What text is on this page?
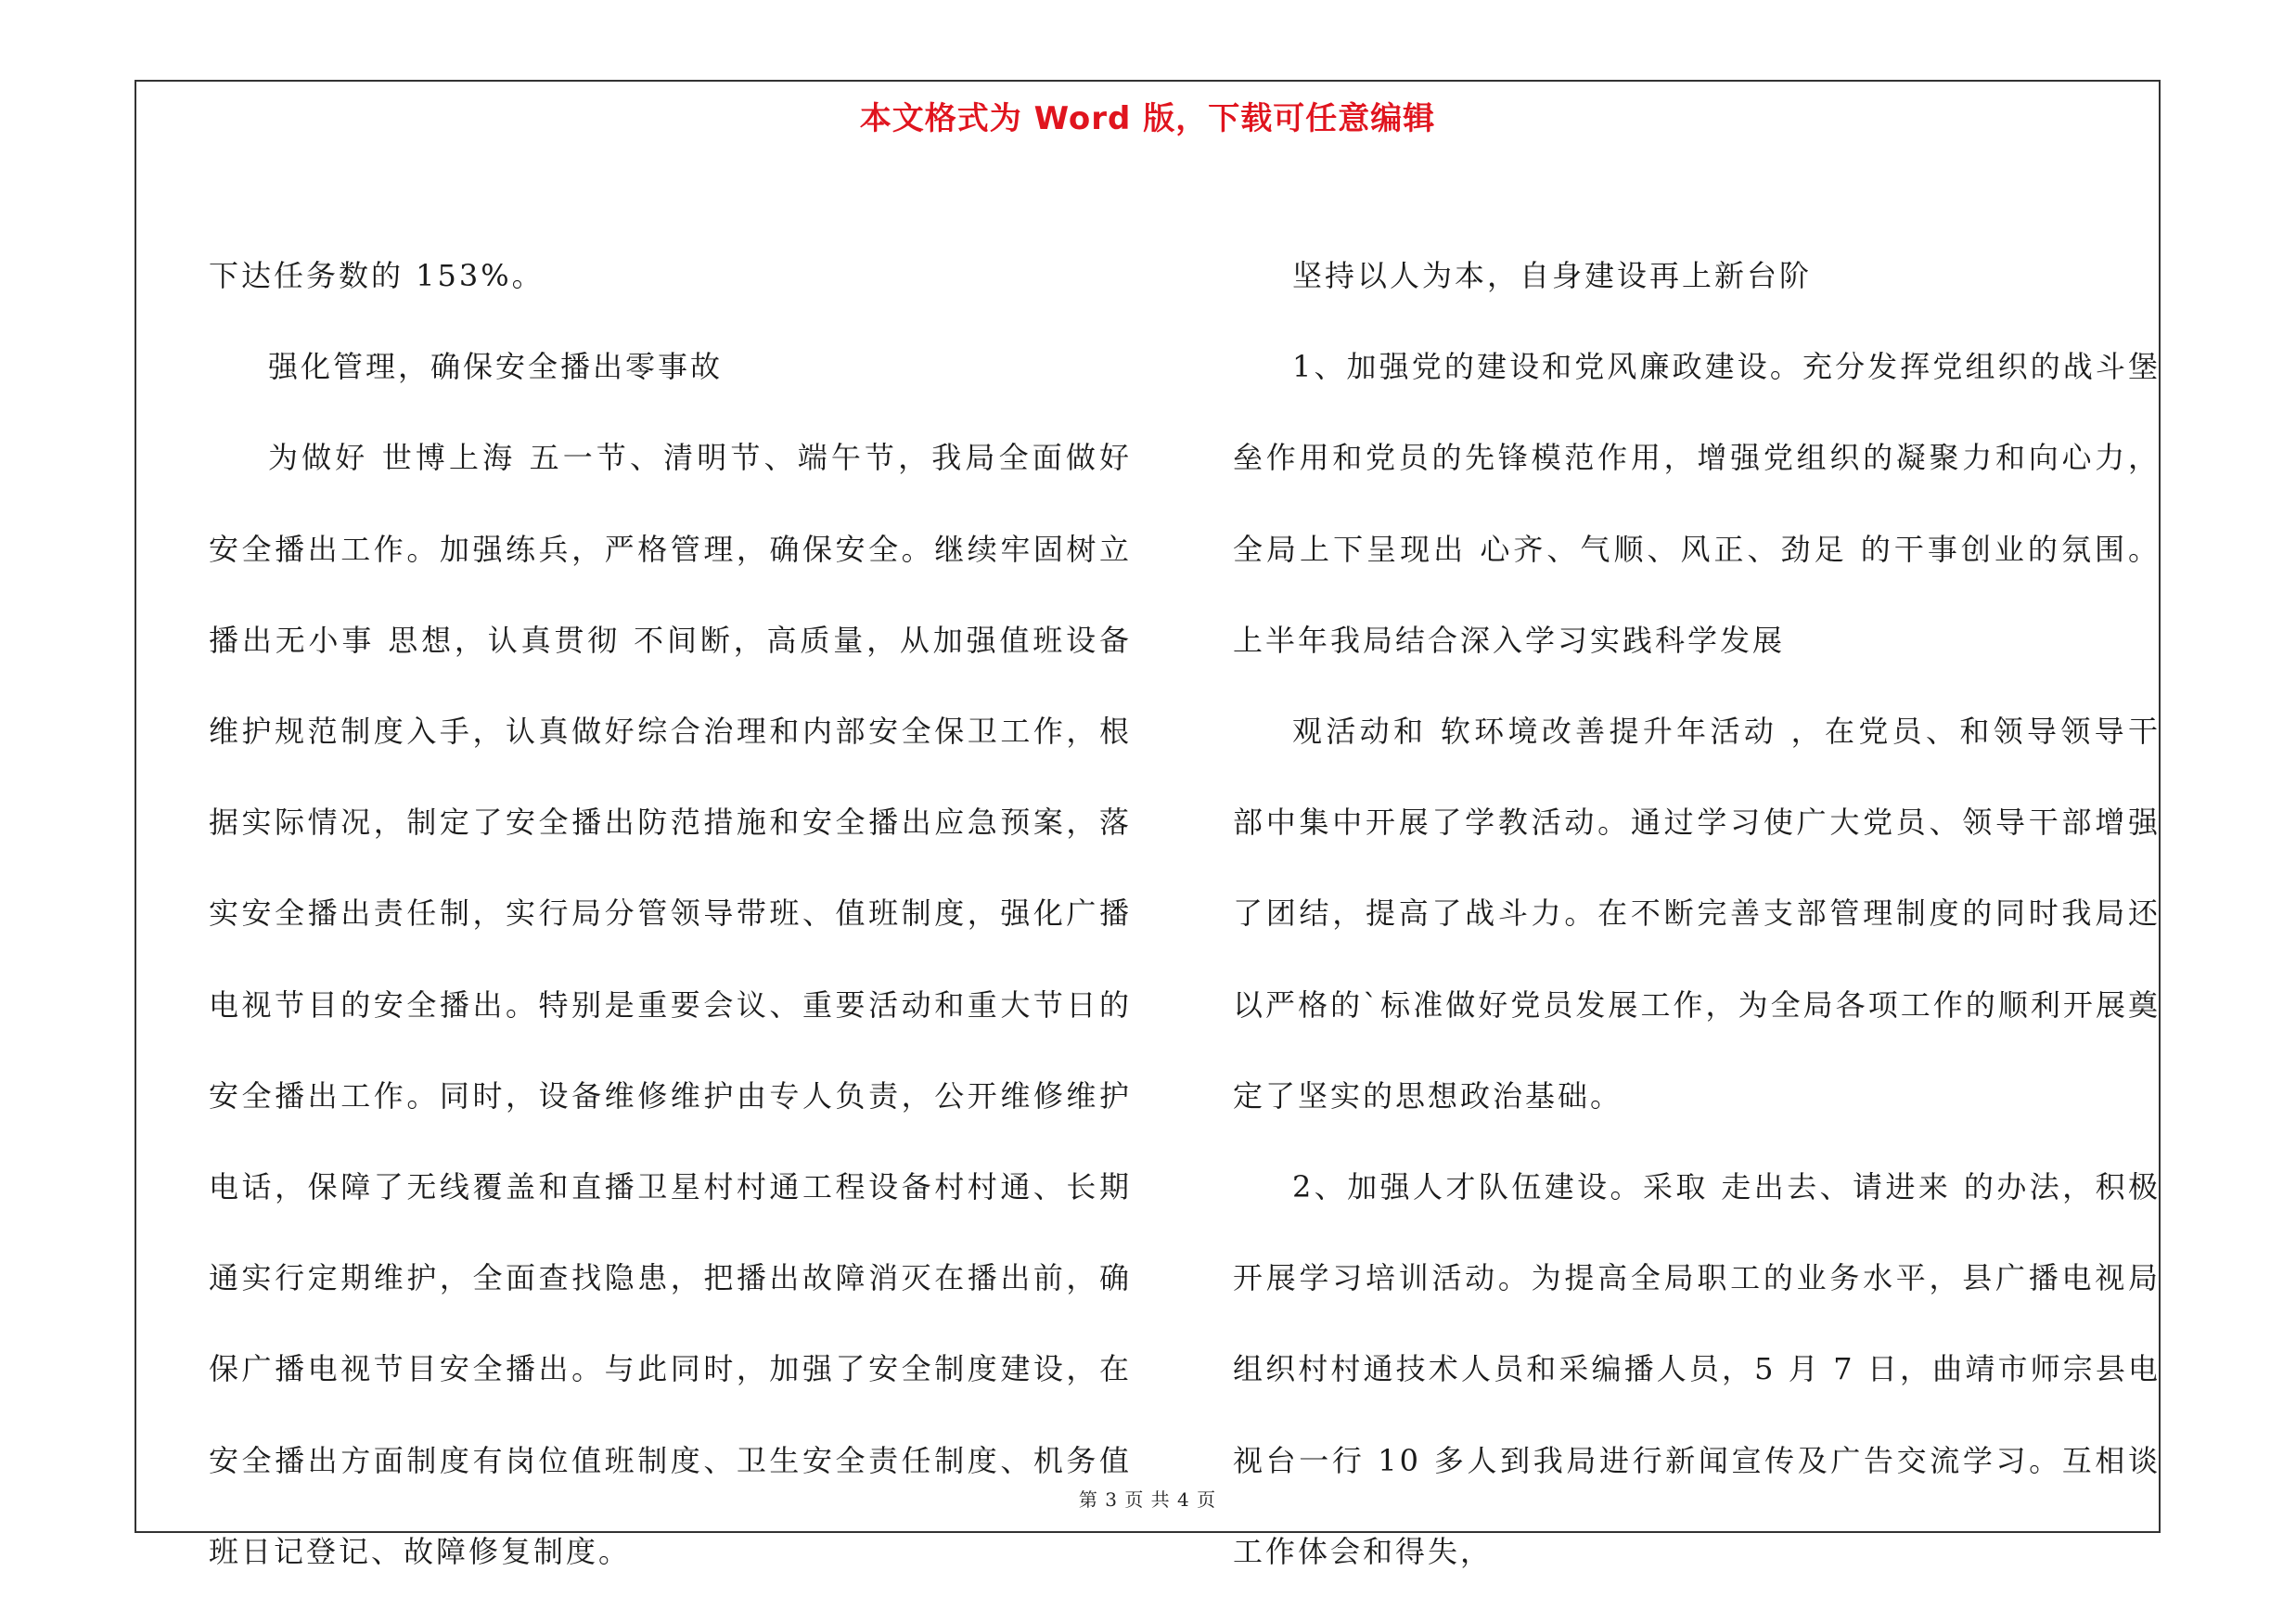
本文格式为 Word 版，下载可任意编辑

下达任务数的 153%。

强化管理，确保安全播出零事故

为做好 世博上海 五一节、清明节、端午节，我局全面做好安全播出工作。加强练兵，严格管理，确保安全。继续牢固树立 播出无小事 思想，认真贯彻 不间断，高质量，从加强值班设备维护规范制度入手，认真做好综合治理和内部安全保卫工作，根据实际情况，制定了安全播出防范措施和安全播出应急预案，落实安全播出责任制，实行局分管领导带班、值班制度，强化广播电视节目的安全播出。特别是重要会议、重要活动和重大节日的安全播出工作。同时，设备维修维护由专人负责，公开维修维护电话，保障了无线覆盖和直播卫星村村通工程设备村村通、长期通实行定期维护，全面查找隐患，把播出故障消灭在播出前，确保广播电视节目安全播出。与此同时，加强了安全制度建设，在安全播出方面制度有岗位值班制度、卫生安全责任制度、机务值班日记登记、故障修复制度。

坚持以人为本，自身建设再上新台阶

1、加强党的建设和党风廉政建设。充分发挥党组织的战斗堡垒作用和党员的先锋模范作用，增强党组织的凝聚力和向心力，全局上下呈现出 心齐、气顺、风正、劲足 的干事创业的氛围。上半年我局结合深入学习实践科学发展

观活动和 软环境改善提升年活动 ，在党员、和领导领导干部中集中开展了学教活动。通过学习使广大党员、领导干部增强了团结，提高了战斗力。在不断完善支部管理制度的同时我局还以严格的`标准做好党员发展工作，为全局各项工作的顺利开展奠定了坚实的思想政治基础。

2、加强人才队伍建设。采取 走出去、请进来 的办法，积极开展学习培训活动。为提高全局职工的业务水平，县广播电视局组织村村通技术人员和采编播人员，5 月 7 日，曲靖市师宗县电视台一行 10 多人到我局进行新闻宣传及广告交流学习。互相谈工作体会和得失，

第 3 页 共 4 页
